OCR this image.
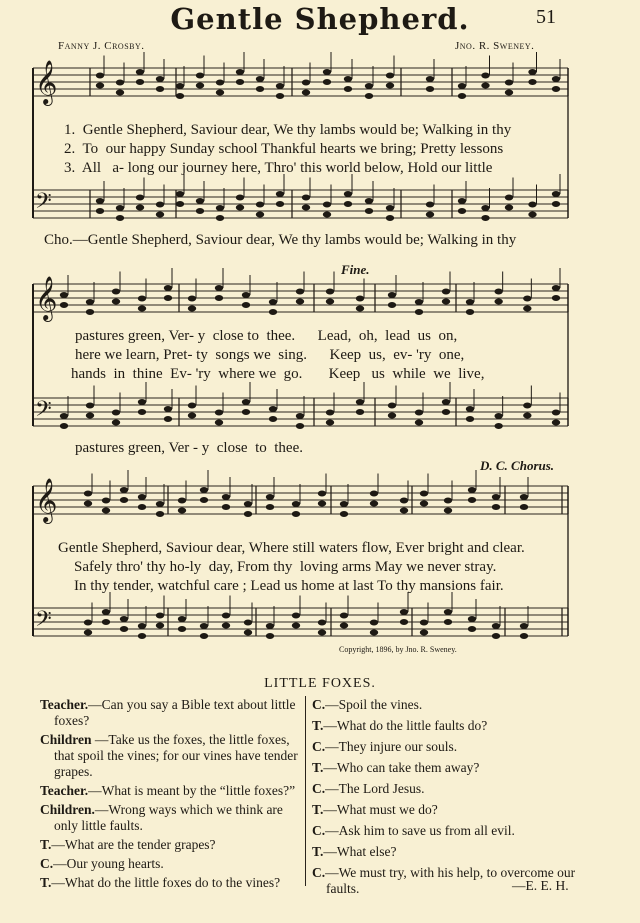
Gentle Shepherd.	51
Fanny J. Crosby.	Jno. R. Sweney.
𝄞
𝄢
𝄞
𝄢
𝄞
𝄢
1.  Gentle Shepherd, Saviour dear, We thy lambs would be; Walking in thy
2.  To  our happy Sunday school Thankful hearts we bring; Pretty lessons
3.  All   a- long our journey here, Thro' this world below, Hold our little
Cho.—Gentle Shepherd, Saviour dear, We thy lambs would be; Walking in thy
Fine.
pastures green, Ver- y  close to  thee.      Lead,  oh,  lead  us  on,
here we learn, Pret- ty  songs we  sing.      Keep  us,  ev- 'ry  one,
hands  in  thine  Ev- 'ry  where we  go.       Keep   us  while  we  live,
pastures green, Ver - y  close  to  thee.
D. C. Chorus.
Gentle Shepherd, Saviour dear, Where still waters flow, Ever bright and clear.
Safely thro' thy ho-ly  day, From thy  loving arms May we never stray.
In thy tender, watchful care ; Lead us home at last To thy mansions fair.
Copyright, 1896, by Jno. R. Sweney.
LITTLE FOXES.
Teacher.—Can you say a Bible text about little foxes?
Children —Take us the foxes, the little foxes, that spoil the vines; for our vines have tender grapes.
Teacher.—What is meant by the “little foxes?”
Children.—Wrong ways which we think are only little faults.
T.—What are the tender grapes?
C.—Our young hearts.
T.—What do the little foxes do to the vines?
C.—Spoil the vines.
T.—What do the little faults do?
C.—They injure our souls.
T.—Who can take them away?
C.—The Lord Jesus.
T.—What must we do?
C.—Ask him to save us from all evil.
T.—What else?
C.—We must try, with his help, to overcome our faults.	—E. E. H.
